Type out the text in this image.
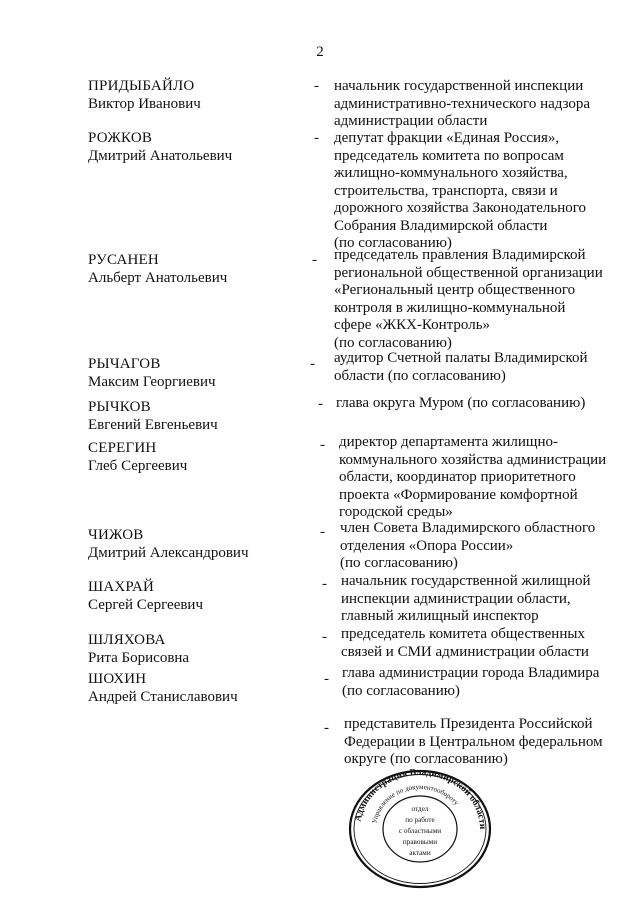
2
ПРИДЫБАЙЛО
Виктор Иванович
- начальник государственной инспекции
административно-технического надзора
администрации области
РОЖКОВ
Дмитрий Анатольевич
- депутат фракции «Единая Россия»,
председатель комитета по вопросам
жилищно-коммунального хозяйства,
строительства, транспорта, связи и
дорожного хозяйства Законодательного
Собрания Владимирской области
(по согласованию)
РУСАНЕН
Альберт Анатольевич
- председатель правления Владимирской
региональной общественной организации
«Региональный центр общественного
контроля в жилищно-коммунальной
сфере «ЖКХ-Контроль»
(по согласованию)
РЫЧАГОВ
Максим Георгиевич
- аудитор Счетной палаты Владимирской
области (по согласованию)
РЫЧКОВ
Евгений Евгеньевич
- глава округа Муром (по согласованию)
СЕРЕГИН
Глеб Сергеевич
- директор департамента жилищно-
коммунального хозяйства администрации
области, координатор приоритетного
проекта «Формирование комфортной
городской среды»
ЧИЖОВ
Дмитрий Александрович
- член Совета Владимирского областного
отделения «Опора России»
(по согласованию)
ШАХРАЙ
Сергей Сергеевич
- начальник государственной жилищной
инспекции администрации области,
главный жилищный инспектор
ШЛЯХОВА
Рита Борисовна
- председатель комитета общественных
связей и СМИ администрации области
ШОХИН
Андрей Станиславович
- глава администрации города Владимира
(по согласованию)
- представитель Президента Российской
Федерации в Центральном федеральном
округе (по согласованию)
Администрация Владимирской области
Управление по документообороту
отдел
по работе
с областными
правовыми
актами
